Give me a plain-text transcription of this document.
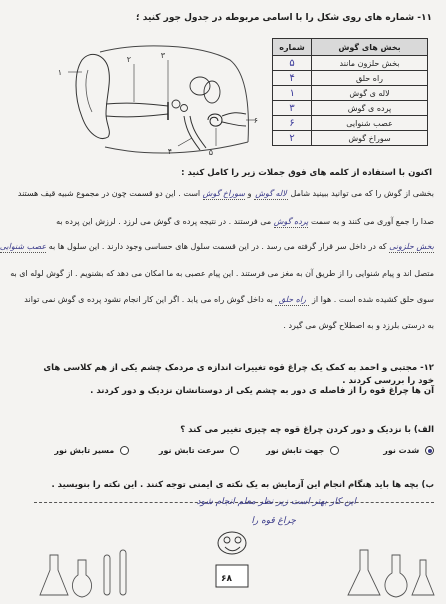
۱۱- شماره های روی شکل را با اسامی مربوطه در جدول جور کنید ؛
۱
۲	۳
۴	۵
۶
بخش های گوش	شماره
بخش حلزون مانند	۵
راه حلق	۴
لاله ی گوش	۱
پرده ی گوش	۳
عصب شنوایی	۶
سوراخ گوش	۲
اکنون با استفاده از کلمه های فوق جملات زیر را کامل کنید :
بخشی از گوش را که می توانید ببینید شامل لاله گوش و سوراخ گوش است . این دو قسمت چون در مجموع شبیه قیف هستند
صدا را جمع آوری می کنند و به سمت پرده گوش می فرستند . در نتیجه پرده ی گوش می لرزد . لرزش این پرده به
بخش حلزونی که در داخل سر قرار گرفته می رسد . در این قسمت سلول های حساسی وجود دارند . این سلول ها به عصب شنوایی
متصل اند و پیام شنوایی را از طریق آن به مغز می فرستند . این پیام عصبی به ما امکان می دهد که بشنویم . از گوش لوله ای به
سوی حلق کشیده شده است . هوا از راه حلق به داخل گوش راه می یابد . اگر این کار انجام نشود پرده ی گوش نمی تواند
به درستی بلرزد و به اصطلاح گوش می گیرد .
۱۲- مجتبی و احمد به کمک یک چراغ قوه تغییرات اندازه ی مردمک چشم یکی از هم کلاسی های خود را بررسی کردند .
آن ها چراغ قوه را از فاصله ی دور به چشم یکی از دوستانشان نزدیک و دور کردند .
الف) با نزدیک و دور کردن چراغ قوه چه چیزی تغییر می کند ؟
شدت نور
جهت تابش نور
سرعت تابش نور
مسیر تابش نور
ب) بچه ها باید هنگام انجام این آزمایش به یک نکته ی ایمنی توجه کنند . این نکته را بنویسید .
این کار بهتر است زیر نظر معلم انجام شود
چراغ قوه را
۶۸
